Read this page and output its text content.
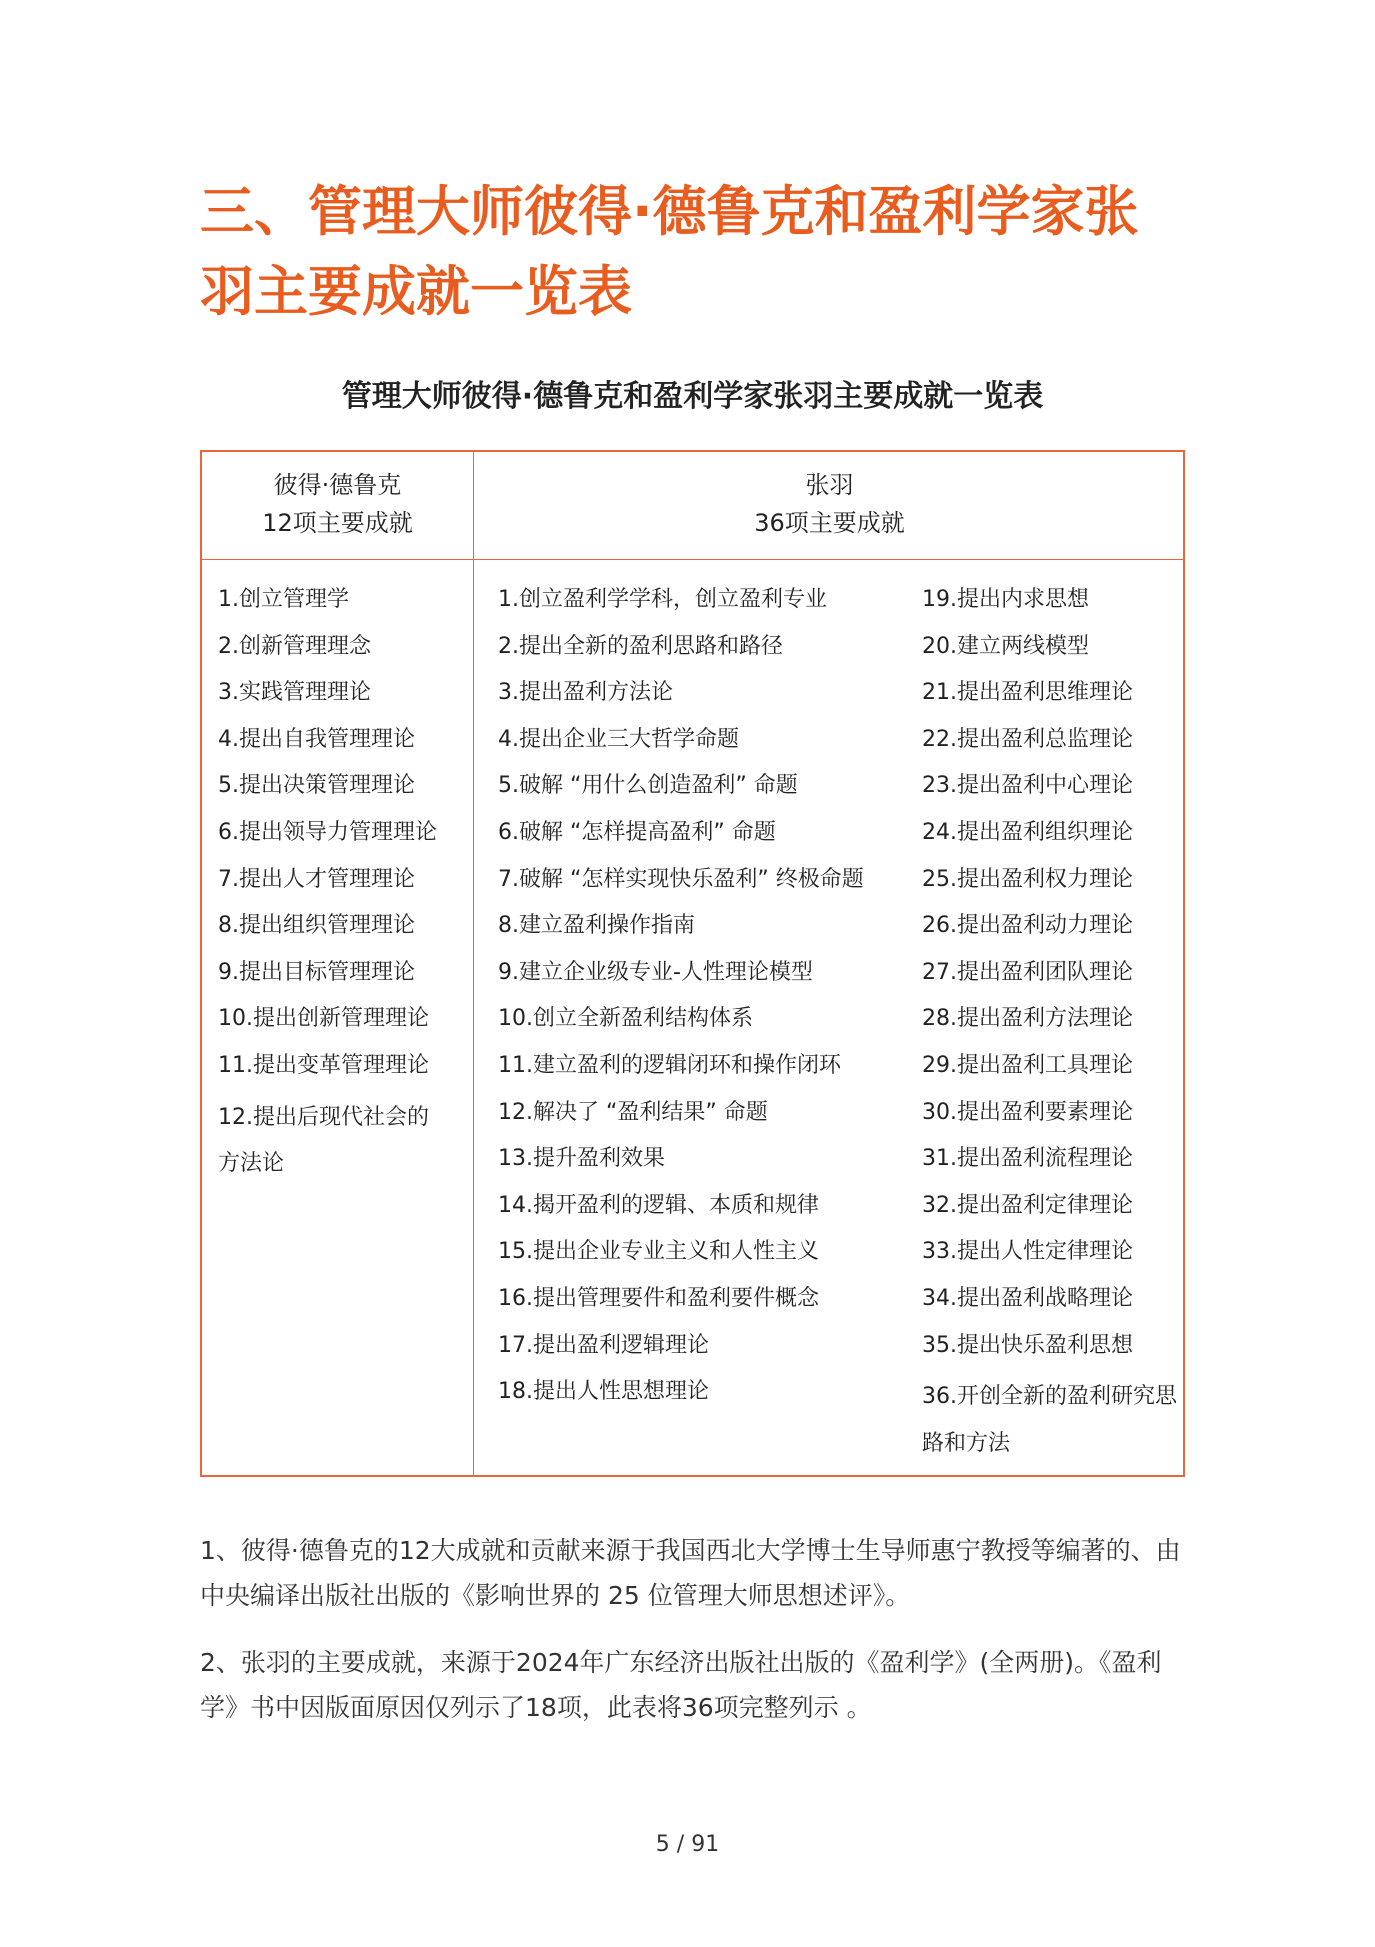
三、管理大师彼得·德鲁克和盈利学家张羽主要成就一览表
管理大师彼得·德鲁克和盈利学家张羽主要成就一览表
彼得·德鲁克
12项主要成就
张羽
36项主要成就
1.创立管理学
2.创新管理理念
3.实践管理理论
4.提出自我管理理论
5.提出决策管理理论
6.提出领导力管理理论
7.提出人才管理理论
8.提出组织管理理论
9.提出目标管理理论
10.提出创新管理理论
11.提出变革管理理论
12.提出后现代社会的方法论
1.创立盈利学学科，创立盈利专业
2.提出全新的盈利思路和路径
3.提出盈利方法论
4.提出企业三大哲学命题
5.破解 “用什么创造盈利” 命题
6.破解 “怎样提高盈利” 命题
7.破解 “怎样实现快乐盈利” 终极命题
8.建立盈利操作指南
9.建立企业级专业-人性理论模型
10.创立全新盈利结构体系
11.建立盈利的逻辑闭环和操作闭环
12.解决了 “盈利结果” 命题
13.提升盈利效果
14.揭开盈利的逻辑、本质和规律
15.提出企业专业主义和人性主义
16.提出管理要件和盈利要件概念
17.提出盈利逻辑理论
18.提出人性思想理论
19.提出内求思想
20.建立两线模型
21.提出盈利思维理论
22.提出盈利总监理论
23.提出盈利中心理论
24.提出盈利组织理论
25.提出盈利权力理论
26.提出盈利动力理论
27.提出盈利团队理论
28.提出盈利方法理论
29.提出盈利工具理论
30.提出盈利要素理论
31.提出盈利流程理论
32.提出盈利定律理论
33.提出人性定律理论
34.提出盈利战略理论
35.提出快乐盈利思想
36.开创全新的盈利研究思路和方法

1、彼得·德鲁克的12大成就和贡献来源于我国西北大学博士生导师惠宁教授等编著的、由中央编译出版社出版的《影响世界的 25 位管理大师思想述评》。

2、张羽的主要成就，来源于2024年广东经济出版社出版的《盈利学》(全两册)。《盈利学》书中因版面原因仅列示了18项，此表将36项完整列示 。

5 / 91
